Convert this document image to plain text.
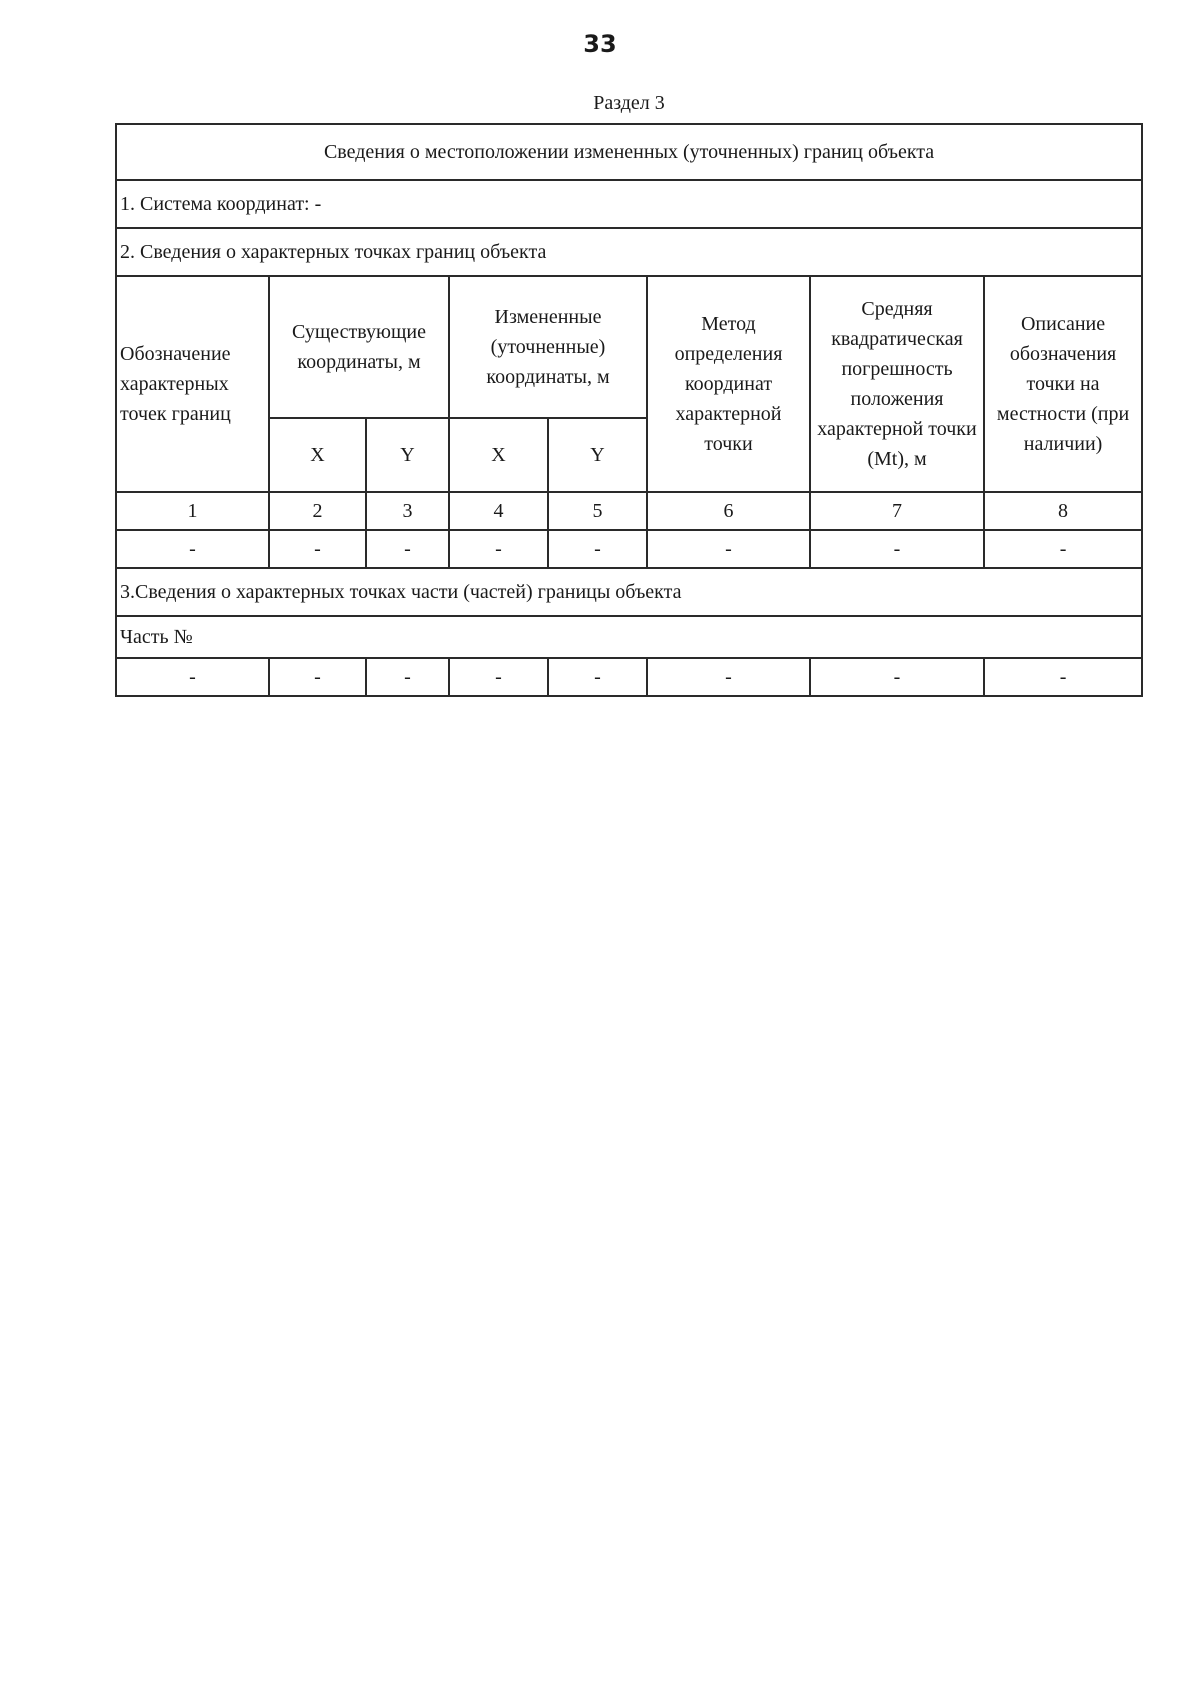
33
Раздел 3
Сведения о местоположении измененных (уточненных) границ объекта							
1. Система координат: -							
2. Сведения о характерных точках границ объекта							
Обозначение характерных точек границ	Существующие координаты, м		Измененные (уточненные) координаты, м		Метод определения координат характерной точки	Средняя квадратическая погрешность положения характерной точки (Mt), м	Описание обозначения точки на местности (при наличии)
	X	Y	X	Y			
1	2	3	4	5	6	7	8
-	-	-	-	-	-	-	-
3.Сведения о характерных точках части (частей) границы объекта							
Часть №							
-	-	-	-	-	-	-	-
